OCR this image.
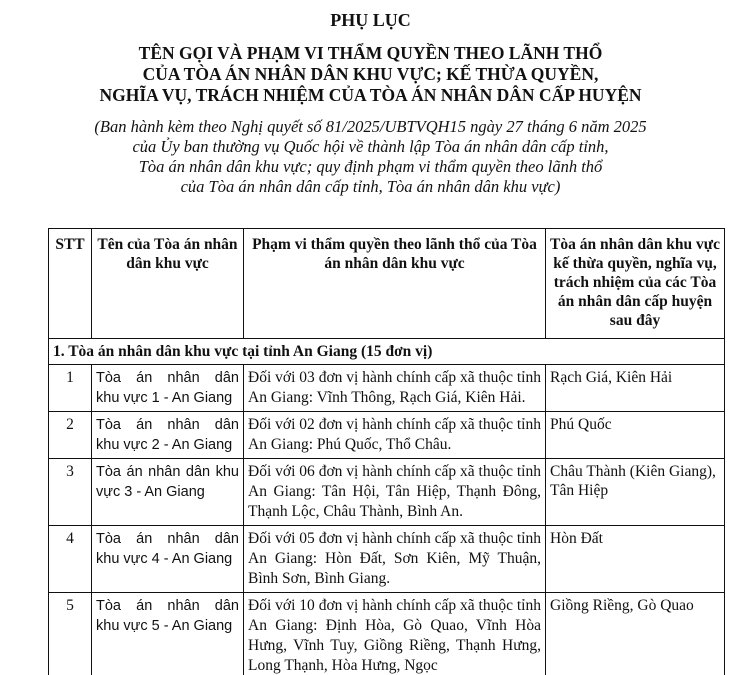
PHỤ LỤC
TÊN GỌI VÀ PHẠM VI THẨM QUYỀN THEO LÃNH THỔ
CỦA TÒA ÁN NHÂN DÂN KHU VỰC; KẾ THỪA QUYỀN,
NGHĨA VỤ, TRÁCH NHIỆM CỦA TÒA ÁN NHÂN DÂN CẤP HUYỆN
(Ban hành kèm theo Nghị quyết số 81/2025/UBTVQH15 ngày 27 tháng 6 năm 2025
của Ủy ban thường vụ Quốc hội về thành lập Tòa án nhân dân cấp tỉnh,
Tòa án nhân dân khu vực; quy định phạm vi thẩm quyền theo lãnh thổ
của Tòa án nhân dân cấp tỉnh, Tòa án nhân dân khu vực)
STT	Tên của Tòa án nhân dân khu vực	Phạm vi thẩm quyền theo lãnh thổ của Tòa án nhân dân khu vực	Tòa án nhân dân khu vực kế thừa quyền, nghĩa vụ, trách nhiệm của các Tòa án nhân dân cấp huyện sau đây
1. Tòa án nhân dân khu vực tại tỉnh An Giang (15 đơn vị)			
1	Tòa án nhân dân
khu vực 1 - An Giang	Đối với 03 đơn vị hành chính cấp xã thuộc tỉnh An Giang: Vĩnh Thông, Rạch Giá, Kiên Hải.	Rạch Giá, Kiên Hải
2	Tòa án nhân dân
khu vực 2 - An Giang	Đối với 02 đơn vị hành chính cấp xã thuộc tỉnh An Giang: Phú Quốc, Thổ Châu.	Phú Quốc
3	Tòa án nhân dân khu
vực 3 - An Giang	Đối với 06 đơn vị hành chính cấp xã thuộc tỉnh An Giang: Tân Hội, Tân Hiệp, Thạnh Đông, Thạnh Lộc, Châu Thành, Bình An.	Châu Thành (Kiên Giang), Tân Hiệp
4	Tòa án nhân dân
khu vực 4 - An Giang	Đối với 05 đơn vị hành chính cấp xã thuộc tỉnh An Giang: Hòn Đất, Sơn Kiên, Mỹ Thuận, Bình Sơn, Bình Giang.	Hòn Đất
5	Tòa án nhân dân
khu vực 5 - An Giang	Đối với 10 đơn vị hành chính cấp xã thuộc tỉnh An Giang: Định Hòa, Gò Quao, Vĩnh Hòa Hưng, Vĩnh Tuy, Giồng Riềng, Thạnh Hưng, Long Thạnh, Hòa Hưng, Ngọc	Giồng Riềng, Gò Quao
